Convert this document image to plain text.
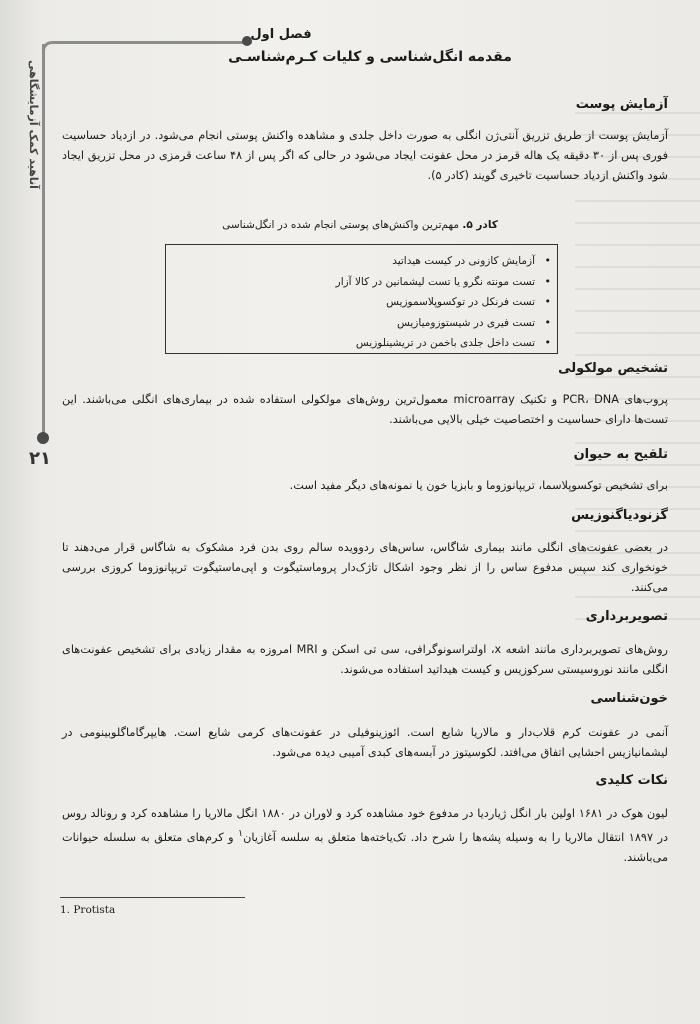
فصل اول
مقدمه انگل‌شناسی و کلیات کـرم‌شناسـی
آناهید کمک‌ آزمایشگاهی
۲۱
آزمایش پوست
آزمایش پوست از طریق تزریق آنتی‌ژن انگلی به صورت داخل جلدی و مشاهده واکنش پوستی انجام می‌شود. در ازدیاد حساسیت فوری پس از ۳۰ دقیقه یک هاله قرمز در محل عفونت ایجاد می‌شود در حالی که اگر پس از ۴۸ ساعت قرمزی در محل تزریق ایجاد شود واکنش ازدیاد حساسیت تاخیری گویند (کادر ۵).
کادر ۵. مهم‌ترین واکنش‌های پوستی انجام شده در انگل‌شناسی
•
آزمایش کازونی در کیست هیداتید
•
تست مونته نگرو یا تست لیشمانین در کالا آزار
•
تست فرنکل در توکسوپلاسموزیس
•
تست فیری در شیستوزومیازیس
•
تست داخل جلدی باخمن در تریشینلوزیس
تشخیص مولکولی
پروب‌های PCR، DNA و تکنیک microarray معمول‌ترین روش‌های مولکولی استفاده شده در بیماری‌های انگلی می‌باشند. این تست‌ها دارای حساسیت و اختصاصیت خیلی بالایی می‌باشند.
تلقیح به حیوان
برای تشخیص توکسوپلاسما، تریپانوزوما و بابزیا خون یا نمونه‌های دیگر مفید است.
گزنودیاگنوزیس
در بعضی عفونت‌های انگلی مانند بیماری شاگاس، ساس‌های ردوویده سالم روی بدن فرد مشکوک به شاگاس قرار می‌دهند تا خونخواری کند سپس مدفوع ساس را از نظر وجود اشکال تاژک‌دار پروماستیگوت و اپی‌ماستیگوت تریپانوزوما کروزی بررسی می‌کنند.
تصویربرداری
روش‌های تصویربرداری مانند اشعه x، اولتراسونوگرافی، سی تی اسکن و MRI امروزه به مقدار زیادی برای تشخیص عفونت‌های انگلی مانند نوروسیستی سرکوزیس و کیست هیداتید استفاده می‌شوند.
خون‌شناسی
آنمی در عفونت کرم قلاب‌دار و مالاریا شایع است. ائوزینوفیلی در عفونت‌های کرمی شایع است. هایپرگاماگلوبینومی در لیشمانیازیس احشایی اتفاق می‌افتد. لکوسیتوز در آبسه‌های کبدی آمیبی دیده می‌شود.
نکات کلیدی
لیون هوک در ۱۶۸۱ اولین بار انگل ژیاردیا در مدفوع خود مشاهده کرد و لاوران در ۱۸۸۰ انگل مالاریا را مشاهده کرد و رونالد روس در ۱۸۹۷ انتقال مالاریا را به وسیله پشه‌ها را شرح داد. تک‌یاخته‌ها متعلق به سلسه آغازیان$^۱$ و کرم‌های متعلق به سلسله حیوانات می‌باشند.
1. Protista
